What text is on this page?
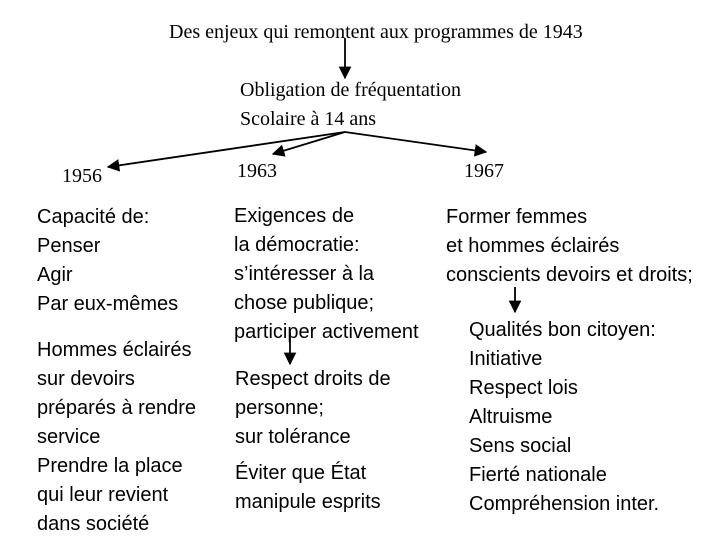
Des enjeux qui remontent aux programmes de 1943
Obligation de fréquentation
Scolaire à 14 ans
1956	1963	1967
Capacité de:
Penser
Agir
Par eux-mêmes
Hommes éclairés
sur devoirs
préparés à rendre
service
Prendre la place
qui leur revient
dans société
Exigences de
la démocratie:
s’intéresser à la
chose publique;
participer activement
Respect droits de
personne;
sur tolérance
Éviter que État
manipule esprits
Former femmes
et hommes éclairés
conscients devoirs et droits;
Qualités bon citoyen:
Initiative
Respect lois
Altruisme
Sens social
Fierté nationale
Compréhension inter.
